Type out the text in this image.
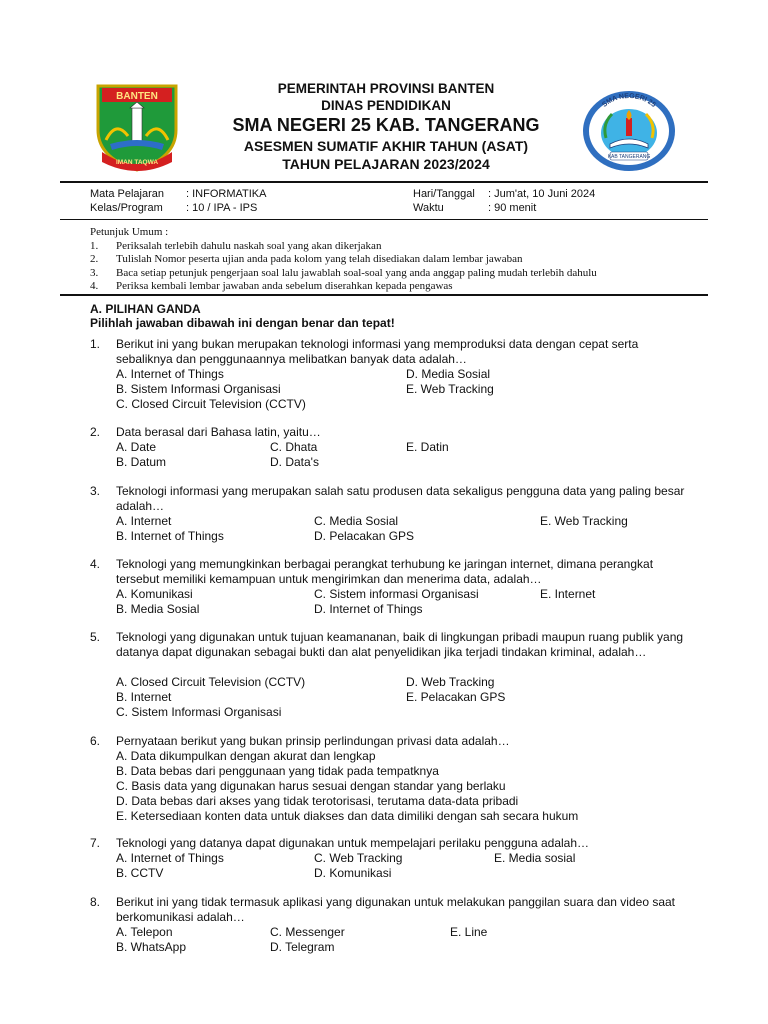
BANTEN
IMAN TAQWA
PEMERINTAH PROVINSI BANTEN
DINAS PENDIDIKAN
SMA NEGERI 25 KAB. TANGERANG
ASESMEN SUMATIF AKHIR TAHUN (ASAT)
TAHUN PELAJARAN 2023/2024
SMA NEGERI 25
KAB TANGERANG
Mata Pelajaran : INFORMATIKA	Hari/Tanggal : Jum'at, 10 Juni 2024
Kelas/Program : 10 / IPA - IPS	Waktu	: 90 menit
Petunjuk Umum :
1. Periksalah terlebih dahulu naskah soal yang akan dikerjakan
2. Tulislah Nomor peserta ujian anda pada kolom yang telah disediakan dalam lembar jawaban
3. Baca setiap petunjuk pengerjaan soal lalu jawablah soal-soal yang anda anggap paling mudah terlebih dahulu
4. Periksa kembali lembar jawaban anda sebelum diserahkan kepada pengawas
A. PILIHAN GANDA
Pilihlah jawaban dibawah ini dengan benar dan tepat!
1. Berikut ini yang bukan merupakan teknologi informasi yang memproduksi data dengan cepat serta sebaliknya dan penggunaannya melibatkan banyak data adalah…
A. Internet of Things
B. Sistem Informasi Organisasi
C. Closed Circuit Television (CCTV)
D. Media Sosial
E. Web Tracking
2. Data berasal dari Bahasa latin, yaitu…
A. Date
B. Datum
C. Dhata
D. Data's
E. Datin
3. Teknologi informasi yang merupakan salah satu produsen data sekaligus pengguna data yang paling besar adalah…
A. Internet
B. Internet of Things
C. Media Sosial
D. Pelacakan GPS
E. Web Tracking
4. Teknologi yang memungkinkan berbagai perangkat terhubung ke jaringan internet, dimana perangkat tersebut memiliki kemampuan untuk mengirimkan dan menerima data, adalah…
A. Komunikasi
B. Media Sosial
C. Sistem informasi Organisasi
D. Internet of Things
E. Internet
5. Teknologi yang digunakan untuk tujuan keamananan, baik di lingkungan pribadi maupun ruang publik yang datanya dapat digunakan sebagai bukti dan alat penyelidikan jika terjadi tindakan kriminal, adalah…
A. Closed Circuit Television (CCTV)
B. Internet
C. Sistem Informasi Organisasi
D. Web Tracking
E. Pelacakan GPS
6. Pernyataan berikut yang bukan prinsip perlindungan privasi data adalah…
A. Data dikumpulkan dengan akurat dan lengkap
B. Data bebas dari penggunaan yang tidak pada tempatknya
C. Basis data yang digunakan harus sesuai dengan standar yang berlaku
D. Data bebas dari akses yang tidak terotorisasi, terutama data-data pribadi
E. Ketersediaan konten data untuk diakses dan data dimiliki dengan sah secara hukum
7. Teknologi yang datanya dapat digunakan untuk mempelajari perilaku pengguna adalah…
A. Internet of Things
B. CCTV
C. Web Tracking
D. Komunikasi
E. Media sosial
8. Berikut ini yang tidak termasuk aplikasi yang digunakan untuk melakukan panggilan suara dan video saat berkomunikasi adalah…
A. Telepon
B. WhatsApp
C. Messenger
D. Telegram
E. Line
